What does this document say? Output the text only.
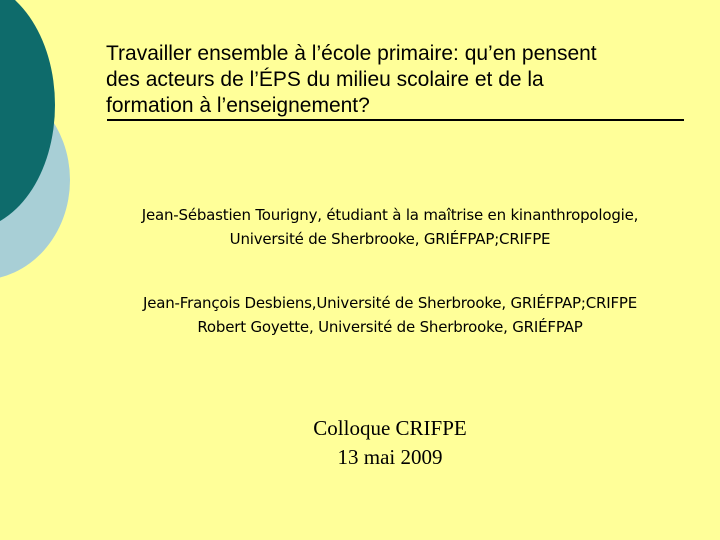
Travailler ensemble à l’école primaire: qu’en pensent
des acteurs de l’ÉPS du milieu scolaire et de la
formation à l’enseignement?
Jean-Sébastien Tourigny, étudiant à la maîtrise en kinanthropologie,
Université de Sherbrooke, GRIÉFPAP;CRIFPE
Jean-François Desbiens,Université de Sherbrooke, GRIÉFPAP;CRIFPE
Robert Goyette, Université de Sherbrooke, GRIÉFPAP
Colloque CRIFPE
13 mai 2009
